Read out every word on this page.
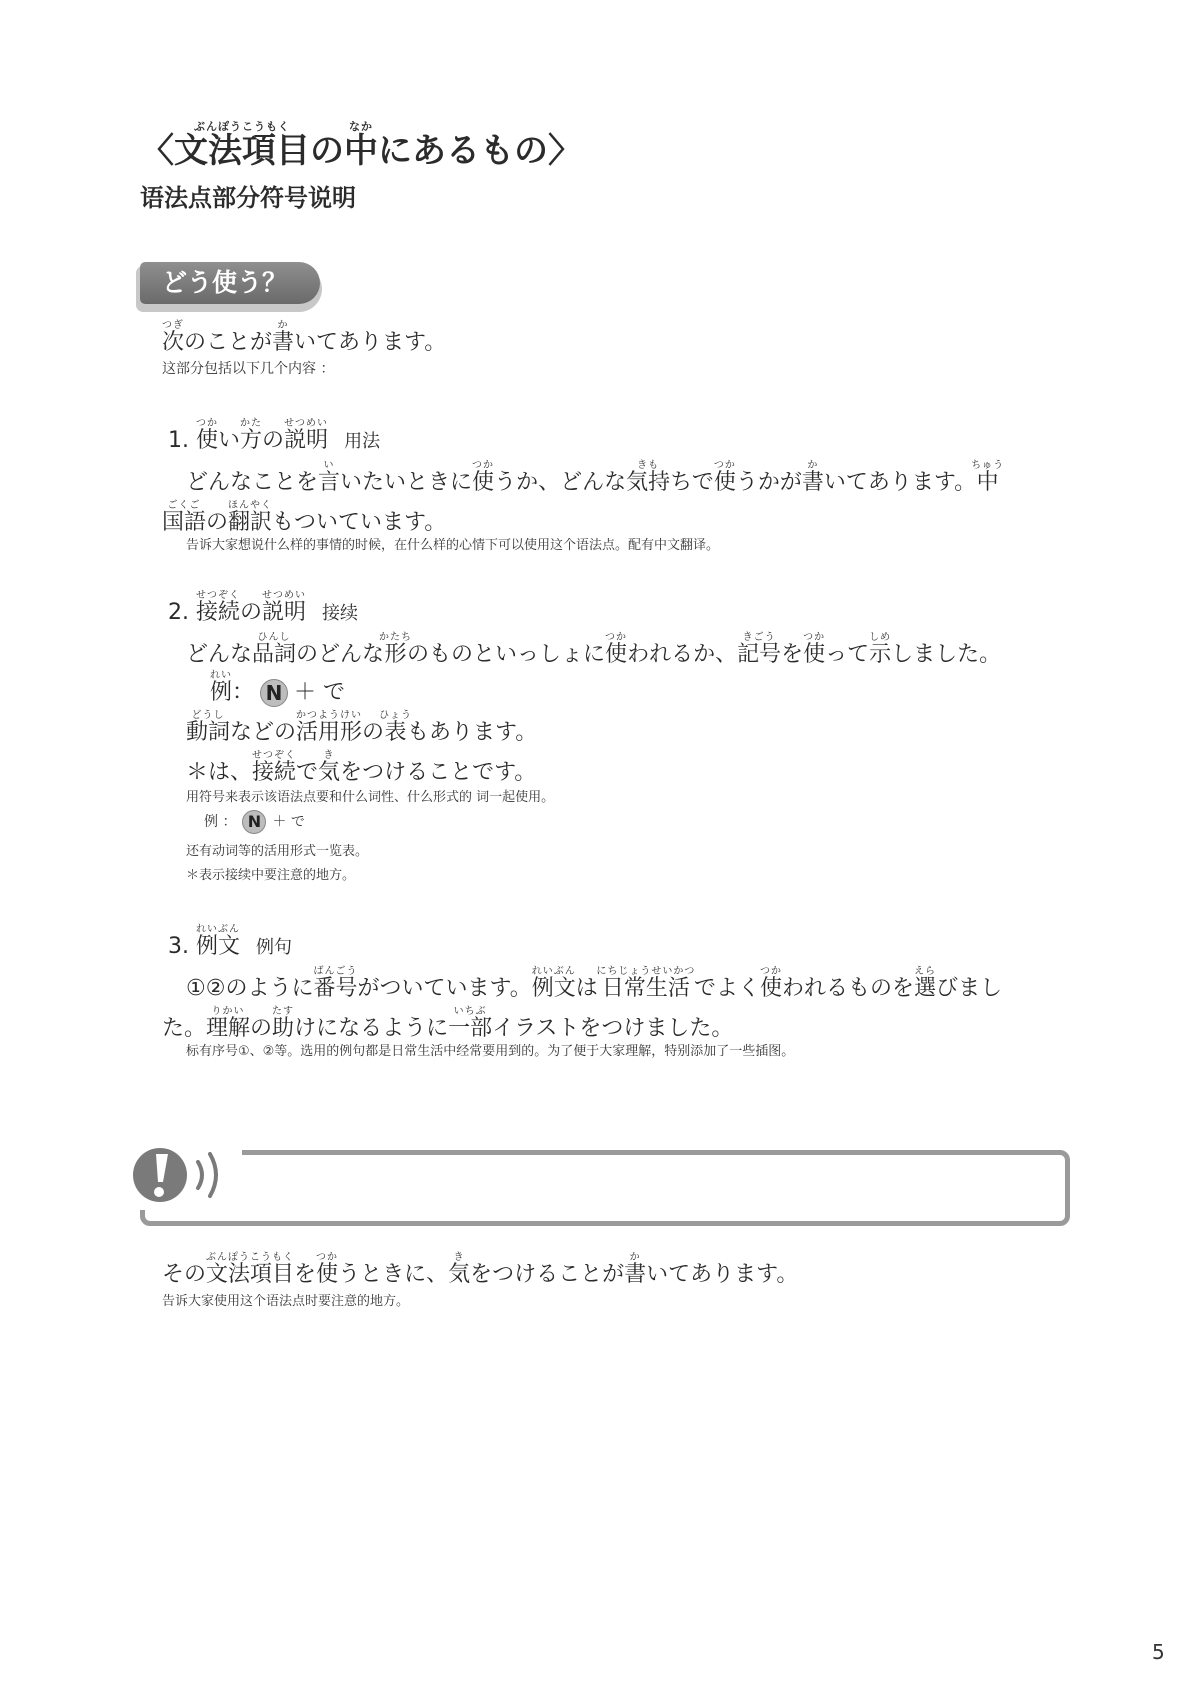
〈文法項目ぶんぽうこうもくの中なかにあるもの〉
语法点部分符号说明
どう使う？
次つぎのことが書かいてあります。
这部分包括以下几个内容 ：
1. 使つかい方かたの説明せつめい用法
どんなことを言いいたいときに使つかうか、どんな気持きもちで使つかうかが書かいてあります。中ちゅう
国語ごくごの翻訳ほんやくもついています。
告诉大家想说什么样的事情的时候，在什么样的心情下可以使用这个语法点。配有中文翻译。
2. 接続せつぞくの説明せつめい接续
どんな品詞ひんしのどんな形かたちのものといっしょに使つかわれるか、記号きごうを使つかって示しめしました。
例れい： N ＋ で
動詞どうしなどの活用形かつようけいの表ひょうもあります。
＊は、接続せつぞくで気きをつけることです。
用符号来表示该语法点要和什么词性、什么形式的 词一起使用。
例 ： N ＋ で
还有动词等的活用形式一览表。
＊表示接续中要注意的地方。
3. 例文れいぶん例句
①②のように番号ばんごうがついています。例文れいぶんは日常生活にちじょうせいかつでよく使つかわれるものを選えらびまし
た。理解りかいの助たすけになるように一部いちぶイラストをつけました。
标有序号①、②等。选用的例句都是日常生活中经常要用到的。为了便于大家理解，特别添加了一些插图。
その文法項目ぶんぽうこうもくを使つかうときに、気きをつけることが書かいてあります。
告诉大家使用这个语法点时要注意的地方。
5
